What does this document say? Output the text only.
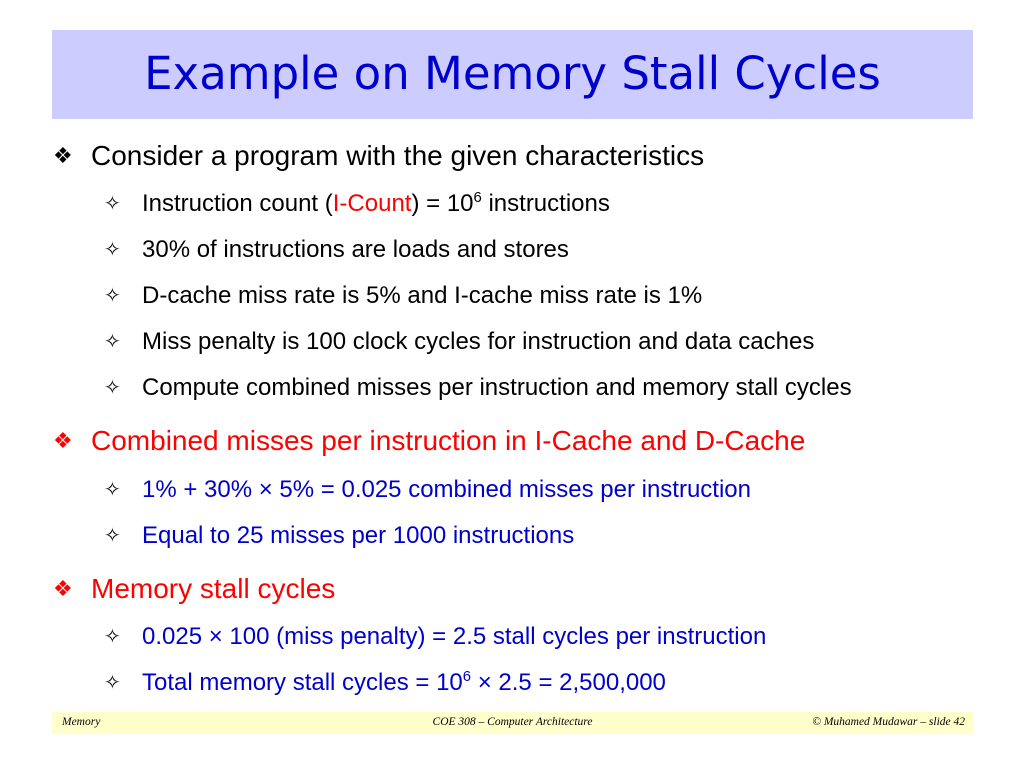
Example on Memory Stall Cycles
❖ Consider a program with the given characteristics
✧ Instruction count (I-Count) = $10^6$ instructions
✧ 30% of instructions are loads and stores
✧ D-cache miss rate is 5% and I-cache miss rate is 1%
✧ Miss penalty is 100 clock cycles for instruction and data caches
✧ Compute combined misses per instruction and memory stall cycles
❖ Combined misses per instruction in I-Cache and D-Cache
✧ 1% + 30% × 5% = 0.025 combined misses per instruction
✧ Equal to 25 misses per 1000 instructions
❖ Memory stall cycles
✧ 0.025 × 100 (miss penalty) = 2.5 stall cycles per instruction
✧ Total memory stall cycles = $10^6 \times 2.5 = 2,500,000$
Memory	COE 308 – Computer Architecture	© Muhamed Mudawar – slide 42
